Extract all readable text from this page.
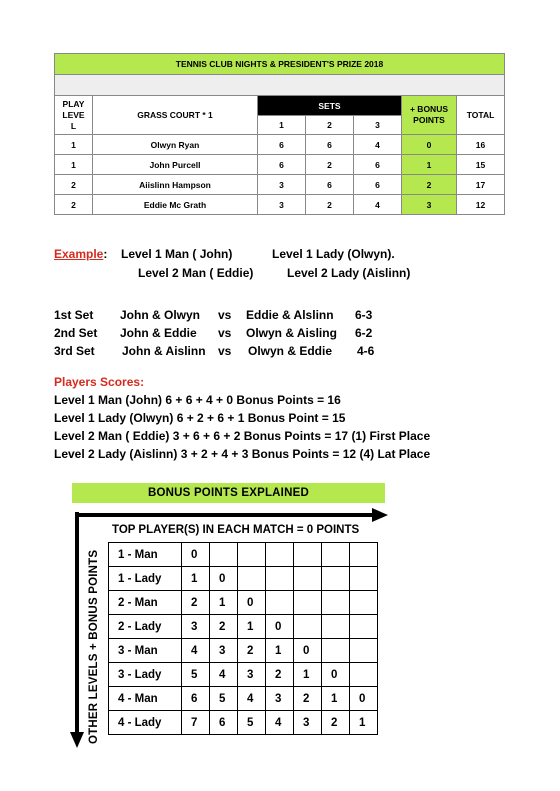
TENNIS CLUB NIGHTS & PRESIDENT'S PRIZE 2018						

PLAY LEVE L	GRASS COURT * 1	SETS			+ BONUS POINTS	TOTAL
		1	2	3		
1	Olwyn Ryan	6	6	4	0	16
1	John Purcell	6	2	6	1	15
2	Aiislinn Hampson	3	6	6	2	17
2	Eddie Mc Grath	3	2	4	3	12
Example: Level 1 Man ( John)	Level 1 Lady (Olwyn).
Level 2 Man ( Eddie)	Level 2 Lady (Aislinn)
1st Set John & Olwyn vs Eddie & Alslinn 6-3
2nd Set John & Eddie vs Olwyn & Aisling 6-2
3rd Set John & Aislinn vs Olwyn & Eddie 4-6
Players Scores:
Level 1 Man (John) 6 + 6 + 4 + 0 Bonus Points = 16
Level 1 Lady (Olwyn) 6 + 2 + 6 + 1 Bonus Point = 15
Level 2 Man ( Eddie) 3 + 6 + 6 + 2 Bonus Points = 17 (1) First Place
Level 2 Lady (Aislinn) 3 + 2 + 4 + 3 Bonus Points = 12 (4) Lat Place
BONUS POINTS EXPLAINED
OTHER LEVELS + BONUS POINTS
TOP PLAYER(S) IN EACH MATCH = 0 POINTS
1 - Man	0						
1 - Lady	1	0					
2 - Man	2	1	0				
2 - Lady	3	2	1	0			
3 - Man	4	3	2	1	0		
3 - Lady	5	4	3	2	1	0	
4 - Man	6	5	4	3	2	1	0
4 - Lady	7	6	5	4	3	2	1
